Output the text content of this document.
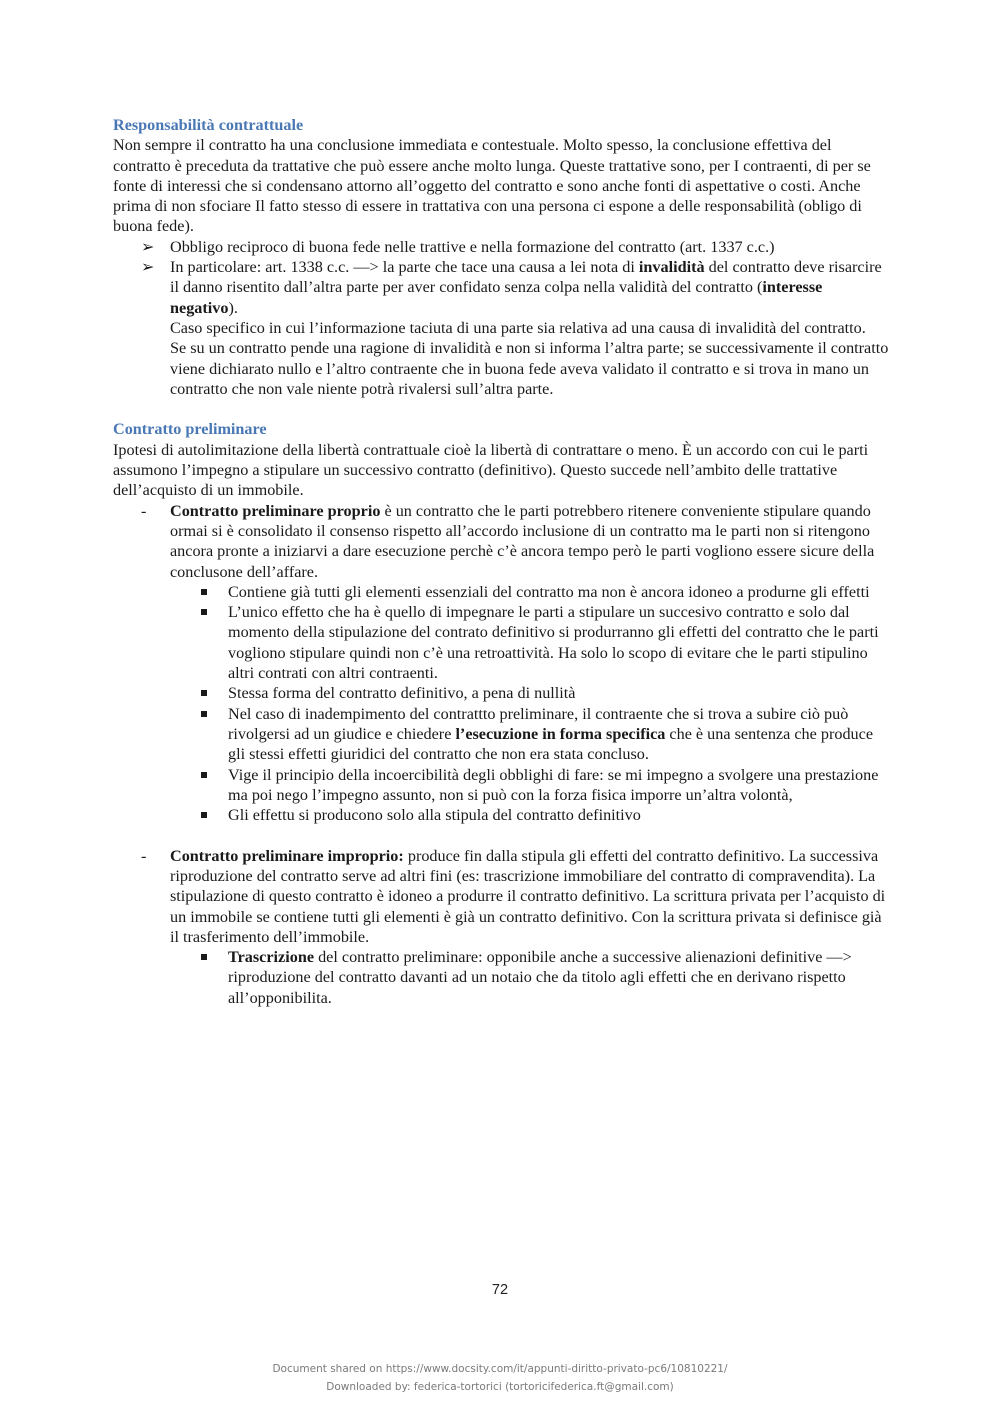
Responsabilità contrattuale

Non sempre il contratto ha una conclusione immediata e contestuale. Molto spesso, la conclusione effettiva del contratto è preceduta da trattative che può essere anche molto lunga. Queste trattative sono, per I contraenti, di per se fonte di interessi che si condensano attorno all’oggetto del contratto e sono anche fonti di aspettative o costi. Anche prima di non sfociare Il fatto stesso di essere in trattativa con una persona ci espone a delle responsabilità (obligo di buona fede).

➢ Obbligo reciproco di buona fede nelle trattive e nella formazione del contratto (art. 1337 c.c.)

➢ In particolare: art. 1338 c.c. —> la parte che tace una causa a lei nota di invalidità del contratto deve risarcire il danno risentito dall’altra parte per aver confidato senza colpa nella validità del contratto (interesse negativo).

Caso specifico in cui l’informazione taciuta di una parte sia relativa ad una causa di invalidità del contratto.

Se su un contratto pende una ragione di invalidità e non si informa l’altra parte; se successivamente il contratto viene dichiarato nullo e l’altro contraente che in buona fede aveva validato il contratto e si trova in mano un contratto che non vale niente potrà rivalersi sull’altra parte.

Contratto preliminare

Ipotesi di autolimitazione della libertà contrattuale cioè la libertà di contrattare o meno. È un accordo con cui le parti assumono l’impegno a stipulare un successivo contratto (definitivo). Questo succede nell’ambito delle trattative dell’acquisto di un immobile.

- Contratto preliminare proprio è un contratto che le parti potrebbero ritenere conveniente stipulare quando ormai si è consolidato il consenso rispetto all’accordo inclusione di un contratto ma le parti non si ritengono ancora pronte a iniziarvi a dare esecuzione perchè c’è ancora tempo però le parti vogliono essere sicure della conclusone dell’affare.

Contiene già tutti gli elementi essenziali del contratto ma non è ancora idoneo a produrne gli effetti

L’unico effetto che ha è quello di impegnare le parti a stipulare un succesivo contratto e solo dal momento della stipulazione del contrato definitivo si produrranno gli effetti del contratto che le parti vogliono stipulare quindi non c’è una retroattività. Ha solo lo scopo di evitare che le parti stipulino altri contrati con altri contraenti.

Stessa forma del contratto definitivo, a pena di nullità

Nel caso di inadempimento del contrattto preliminare, il contraente che si trova a subire ciò può rivolgersi ad un giudice e chiedere l’esecuzione in forma specifica che è una sentenza che produce gli stessi effetti giuridici del contratto che non era stata concluso.

Vige il principio della incoercibilità degli obblighi di fare: se mi impegno a svolgere una prestazione ma poi nego l’impegno assunto, non si può con la forza fisica imporre un’altra volontà,

Gli effettu si producono solo alla stipula del contratto definitivo

- Contratto preliminare improprio: produce fin dalla stipula gli effetti del contratto definitivo. La successiva riproduzione del contratto serve ad altri fini (es: trascrizione immobiliare del contratto di compravendita). La stipulazione di questo contratto è idoneo a produrre il contratto definitivo. La scrittura privata per l’acquisto di un immobile se contiene tutti gli elementi è già un contratto definitivo. Con la scrittura privata si definisce già il trasferimento dell’immobile.

Trascrizione del contratto preliminare: opponibile anche a successive alienazioni definitive —> riproduzione del contratto davanti ad un notaio che da titolo agli effetti che en derivano rispetto all’opponibilita.

72
Document shared on https://www.docsity.com/it/appunti-diritto-privato-pc6/10810221/
Downloaded by: federica-tortorici (tortoricifederica.ft@gmail.com)
